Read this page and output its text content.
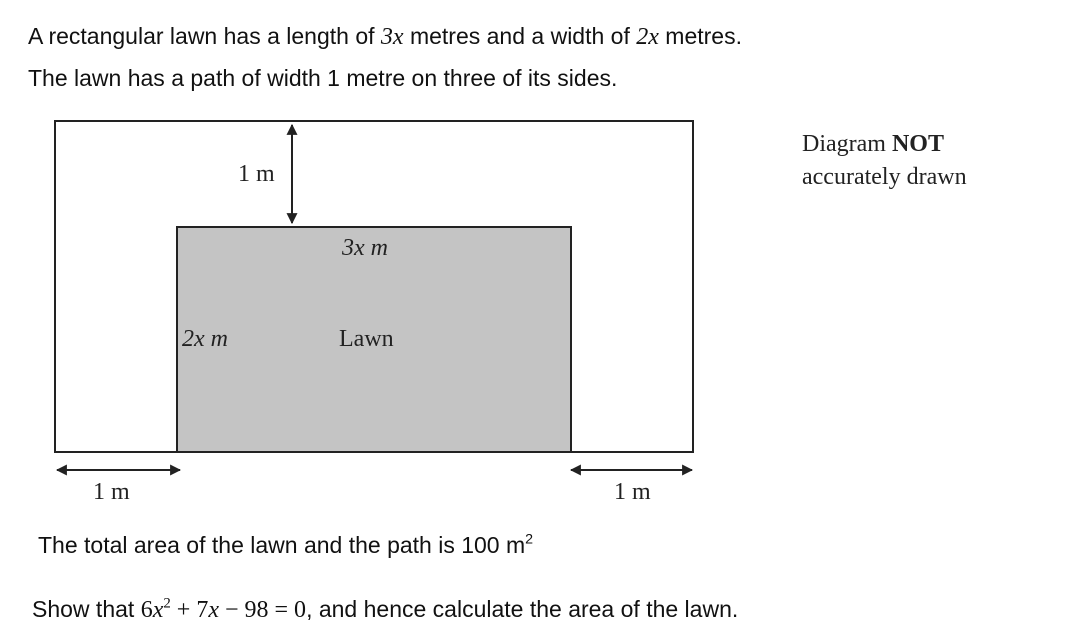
A rectangular lawn has a length of 3x metres and a width of 2x metres.
The lawn has a path of width 1 metre on three of its sides.
1 m
3x m
2x m	Lawn
1 m	1 m
Diagram NOT
accurately drawn
The total area of the lawn and the path is 100 $m^2$
Show that $6x^2 + 7x - 98 = 0$, and hence calculate the area of the lawn.
